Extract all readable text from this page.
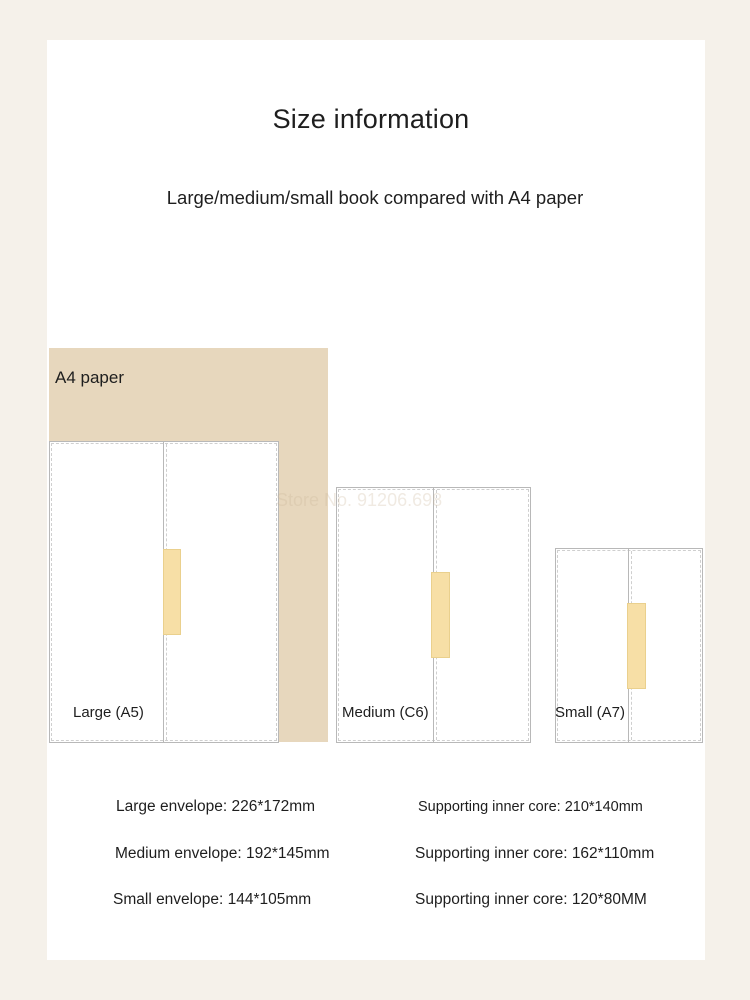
Size information
Large/medium/small book compared with A4 paper
A4 paper
Large (A5)	Medium (C6)	Small (A7)
Store No. 91206.698
Large envelope: 226*172mm
Medium envelope: 192*145mm
Small envelope: 144*105mm
Supporting inner core: 210*140mm
Supporting inner core: 162*110mm
Supporting inner core: 120*80MM
